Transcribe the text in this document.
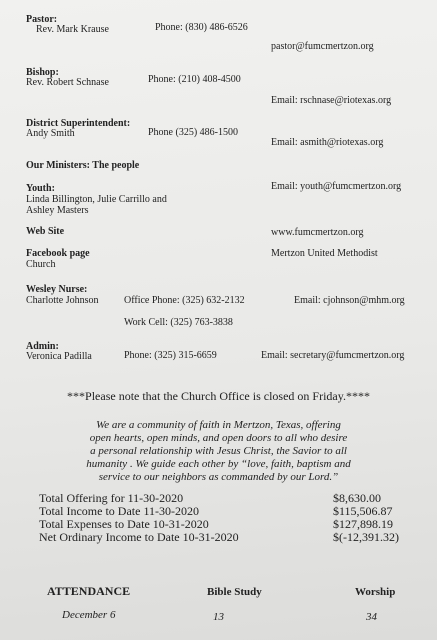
Pastor:
Rev. Mark Krause	Phone: (830) 486-6526
pastor@fumcmertzon.org
Bishop:
Rev. Robert Schnase	Phone: (210) 408-4500
Email: rschnase@riotexas.org
District Superintendent:
Andy Smith	Phone (325) 486-1500
Email: asmith@riotexas.org
Our Ministers: The people
Youth:
Linda Billington, Julie Carrillo and
Ashley Masters
Email: youth@fumcmertzon.org
Web Site	www.fumcmertzon.org
Facebook page
Church
Mertzon United Methodist
Wesley Nurse:
Charlotte Johnson	Office Phone: (325) 632-2132	Email: cjohnson@mhm.org
Work Cell: (325) 763-3838
Admin:
Veronica Padilla	Phone: (325) 315-6659	Email: secretary@fumcmertzon.org
***Please note that the Church Office is closed on Friday.****
We are a community of faith in Mertzon, Texas, offering
open hearts, open minds, and open doors to all who desire
a personal relationship with Jesus Christ, the Savior to all
humanity . We guide each other by “love, faith, baptism and
service to our neighbors as commanded by our Lord.”
Total Offering for 11-30-2020	$8,630.00
Total Income to Date 11-30-2020	$115,506.87
Total Expenses to Date 10-31-2020	$127,898.19
Net Ordinary Income to Date 10-31-2020	$(-12,391.32)
ATTENDANCE	Bible Study	Worship
December 6	13	34
